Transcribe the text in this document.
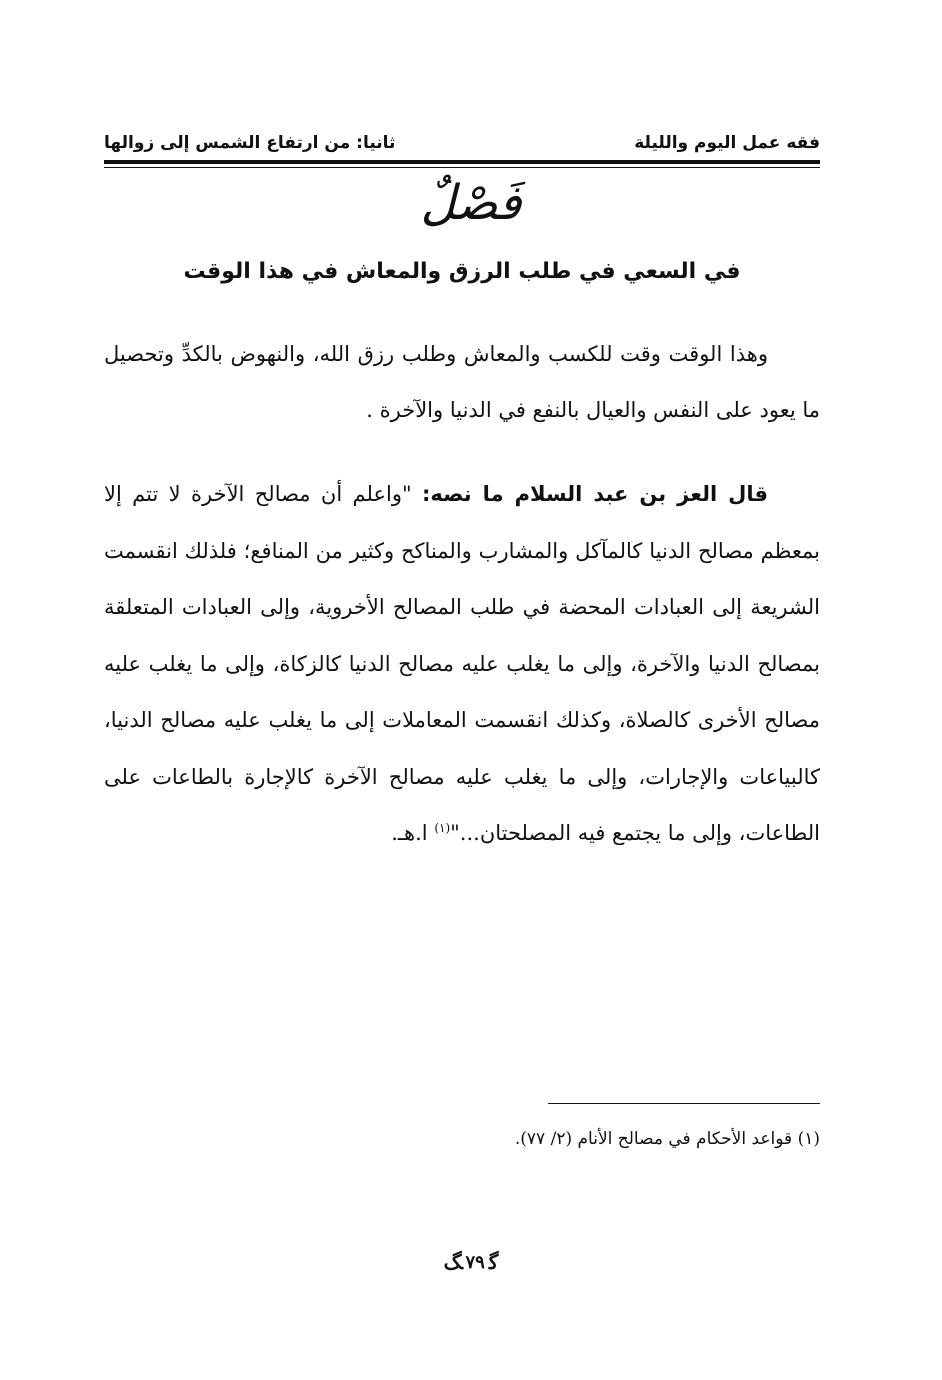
فقه عمل اليوم والليلة
ثانيا: من ارتفاع الشمس إلى زوالها
فَصْلٌ
في السعي في طلب الرزق والمعاش في هذا الوقت

وهذا الوقت وقت للكسب والمعاش وطلب رزق الله، والنهوض بالكدِّ وتحصيل ما يعود على النفس والعيال بالنفع في الدنيا والآخرة .

قال العز بن عبد السلام ما نصه: "واعلم أن مصالح الآخرة لا تتم إلا بمعظم مصالح الدنيا كالمآكل والمشارب والمناكح وكثير من المنافع؛ فلذلك انقسمت الشريعة إلى العبادات المحضة في طلب المصالح الأخروية، وإلى العبادات المتعلقة بمصالح الدنيا والآخرة، وإلى ما يغلب عليه مصالح الدنيا كالزكاة، وإلى ما يغلب عليه مصالح الأخرى كالصلاة، وكذلك انقسمت المعاملات إلى ما يغلب عليه مصالح الدنيا، كالبياعات والإجارات، وإلى ما يغلب عليه مصالح الآخرة كالإجارة بالطاعات على الطاعات، وإلى ما يجتمع فيه المصلحتان..."$^{(١)}$ ا.هـ.

(١) قواعد الأحكام في مصالح الأنام (٢/ ٧٧).
ﮓ ٧٩ ﮔ
